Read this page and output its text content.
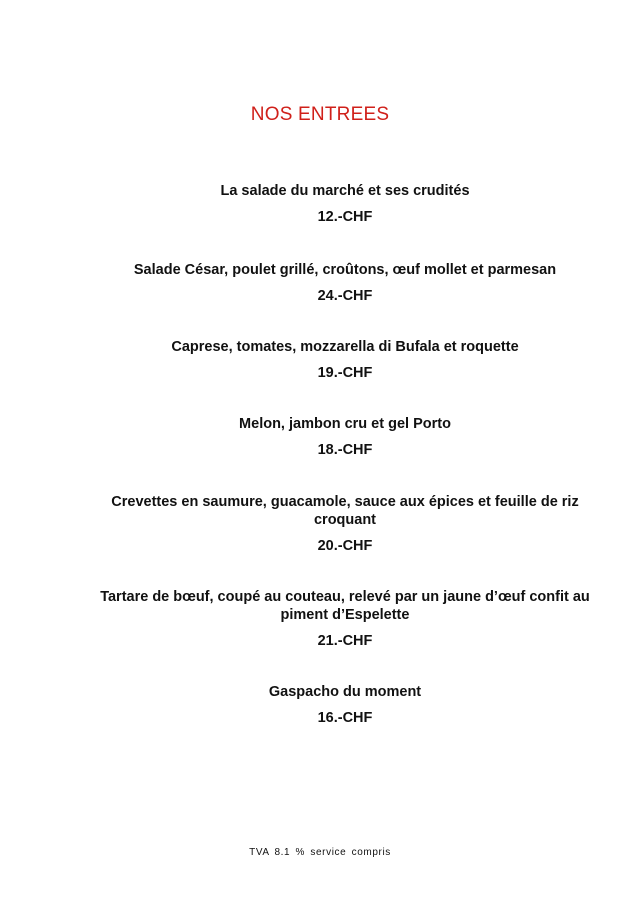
NOS ENTREES
La salade du marché et ses crudités
12.-CHF
Salade César, poulet grillé, croûtons, œuf mollet et parmesan
24.-CHF
Caprese, tomates, mozzarella di Bufala et roquette
19.-CHF
Melon, jambon cru et gel Porto
18.-CHF
Crevettes en saumure, guacamole, sauce aux épices et feuille de riz croquant
20.-CHF
Tartare de bœuf, coupé au couteau, relevé par un jaune d’œuf confit au piment d’Espelette
21.-CHF
Gaspacho du moment
16.-CHF
TVA 8.1 % service compris
